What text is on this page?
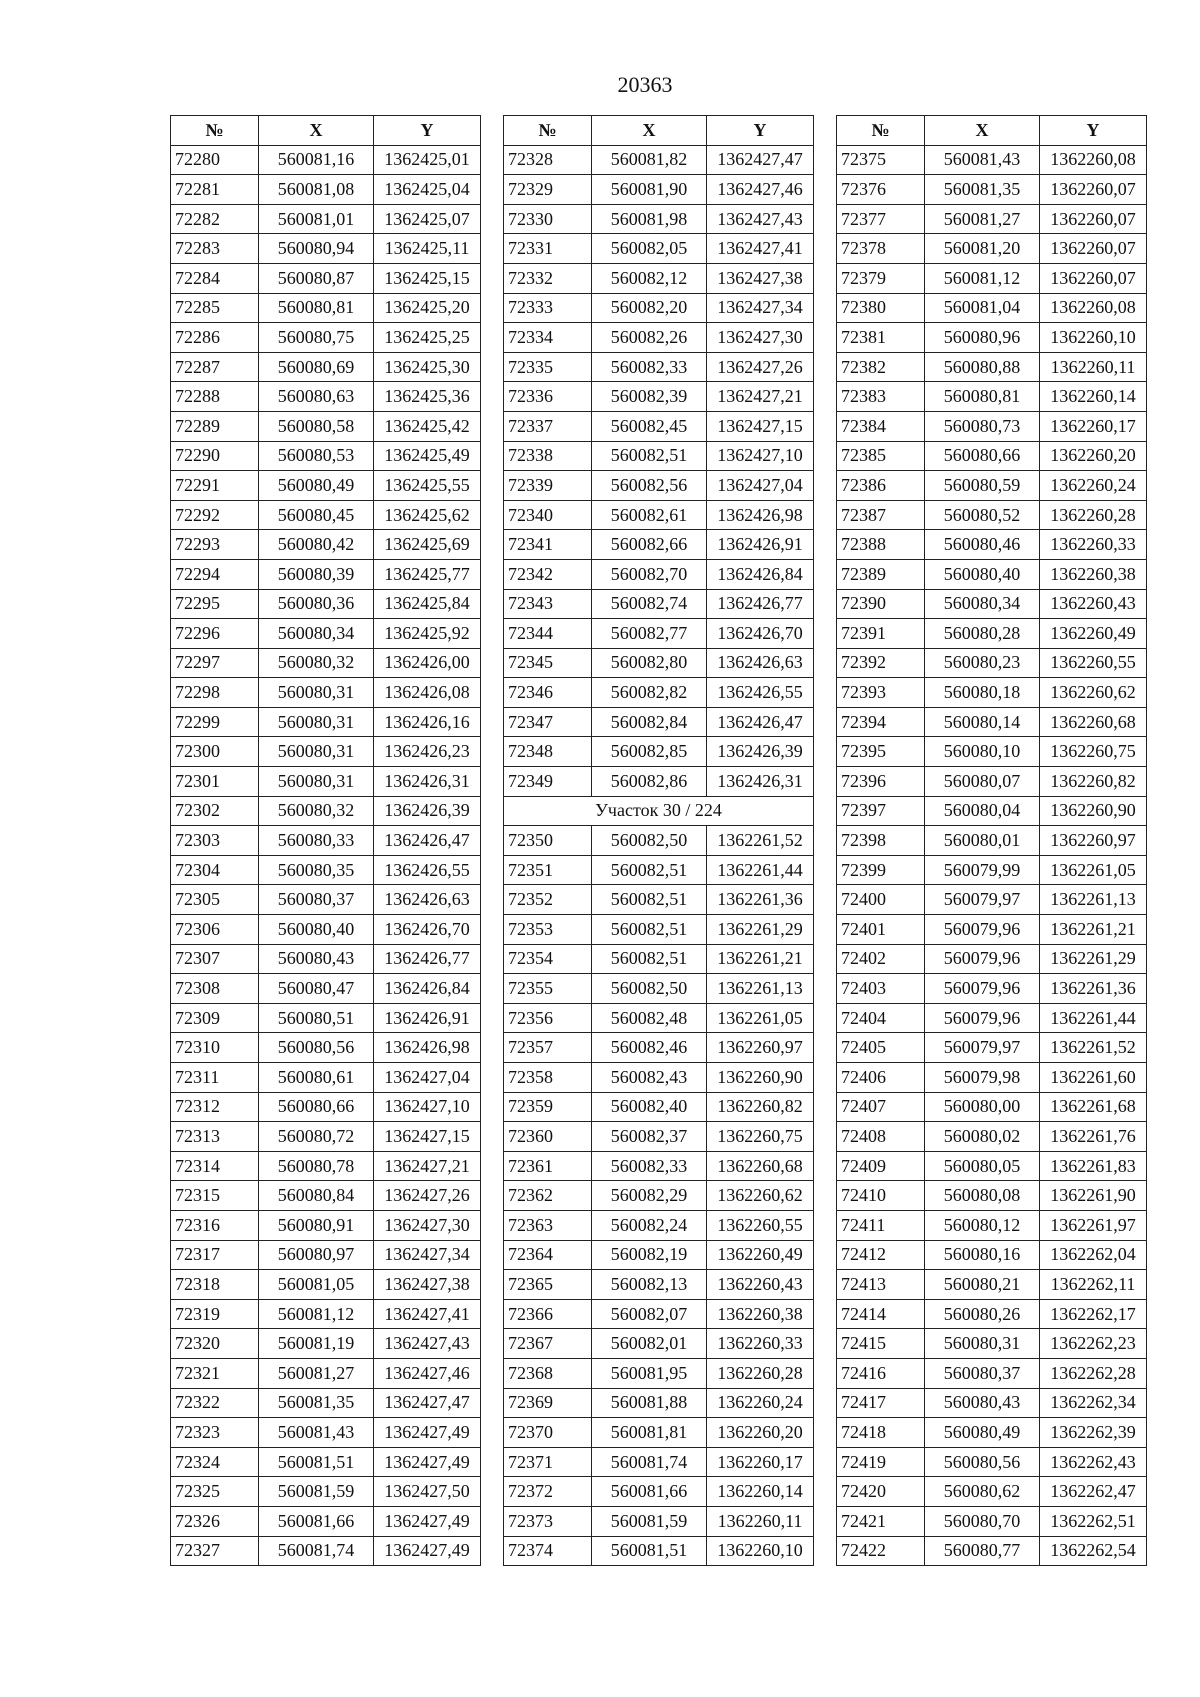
20363
№	X	Y
72280	560081,16	1362425,01
72281	560081,08	1362425,04
72282	560081,01	1362425,07
72283	560080,94	1362425,11
72284	560080,87	1362425,15
72285	560080,81	1362425,20
72286	560080,75	1362425,25
72287	560080,69	1362425,30
72288	560080,63	1362425,36
72289	560080,58	1362425,42
72290	560080,53	1362425,49
72291	560080,49	1362425,55
72292	560080,45	1362425,62
72293	560080,42	1362425,69
72294	560080,39	1362425,77
72295	560080,36	1362425,84
72296	560080,34	1362425,92
72297	560080,32	1362426,00
72298	560080,31	1362426,08
72299	560080,31	1362426,16
72300	560080,31	1362426,23
72301	560080,31	1362426,31
72302	560080,32	1362426,39
72303	560080,33	1362426,47
72304	560080,35	1362426,55
72305	560080,37	1362426,63
72306	560080,40	1362426,70
72307	560080,43	1362426,77
72308	560080,47	1362426,84
72309	560080,51	1362426,91
72310	560080,56	1362426,98
72311	560080,61	1362427,04
72312	560080,66	1362427,10
72313	560080,72	1362427,15
72314	560080,78	1362427,21
72315	560080,84	1362427,26
72316	560080,91	1362427,30
72317	560080,97	1362427,34
72318	560081,05	1362427,38
72319	560081,12	1362427,41
72320	560081,19	1362427,43
72321	560081,27	1362427,46
72322	560081,35	1362427,47
72323	560081,43	1362427,49
72324	560081,51	1362427,49
72325	560081,59	1362427,50
72326	560081,66	1362427,49
72327	560081,74	1362427,49
№	X	Y
72328	560081,82	1362427,47
72329	560081,90	1362427,46
72330	560081,98	1362427,43
72331	560082,05	1362427,41
72332	560082,12	1362427,38
72333	560082,20	1362427,34
72334	560082,26	1362427,30
72335	560082,33	1362427,26
72336	560082,39	1362427,21
72337	560082,45	1362427,15
72338	560082,51	1362427,10
72339	560082,56	1362427,04
72340	560082,61	1362426,98
72341	560082,66	1362426,91
72342	560082,70	1362426,84
72343	560082,74	1362426,77
72344	560082,77	1362426,70
72345	560082,80	1362426,63
72346	560082,82	1362426,55
72347	560082,84	1362426,47
72348	560082,85	1362426,39
72349	560082,86	1362426,31
Участок 30 / 224		
72350	560082,50	1362261,52
72351	560082,51	1362261,44
72352	560082,51	1362261,36
72353	560082,51	1362261,29
72354	560082,51	1362261,21
72355	560082,50	1362261,13
72356	560082,48	1362261,05
72357	560082,46	1362260,97
72358	560082,43	1362260,90
72359	560082,40	1362260,82
72360	560082,37	1362260,75
72361	560082,33	1362260,68
72362	560082,29	1362260,62
72363	560082,24	1362260,55
72364	560082,19	1362260,49
72365	560082,13	1362260,43
72366	560082,07	1362260,38
72367	560082,01	1362260,33
72368	560081,95	1362260,28
72369	560081,88	1362260,24
72370	560081,81	1362260,20
72371	560081,74	1362260,17
72372	560081,66	1362260,14
72373	560081,59	1362260,11
72374	560081,51	1362260,10
№	X	Y
72375	560081,43	1362260,08
72376	560081,35	1362260,07
72377	560081,27	1362260,07
72378	560081,20	1362260,07
72379	560081,12	1362260,07
72380	560081,04	1362260,08
72381	560080,96	1362260,10
72382	560080,88	1362260,11
72383	560080,81	1362260,14
72384	560080,73	1362260,17
72385	560080,66	1362260,20
72386	560080,59	1362260,24
72387	560080,52	1362260,28
72388	560080,46	1362260,33
72389	560080,40	1362260,38
72390	560080,34	1362260,43
72391	560080,28	1362260,49
72392	560080,23	1362260,55
72393	560080,18	1362260,62
72394	560080,14	1362260,68
72395	560080,10	1362260,75
72396	560080,07	1362260,82
72397	560080,04	1362260,90
72398	560080,01	1362260,97
72399	560079,99	1362261,05
72400	560079,97	1362261,13
72401	560079,96	1362261,21
72402	560079,96	1362261,29
72403	560079,96	1362261,36
72404	560079,96	1362261,44
72405	560079,97	1362261,52
72406	560079,98	1362261,60
72407	560080,00	1362261,68
72408	560080,02	1362261,76
72409	560080,05	1362261,83
72410	560080,08	1362261,90
72411	560080,12	1362261,97
72412	560080,16	1362262,04
72413	560080,21	1362262,11
72414	560080,26	1362262,17
72415	560080,31	1362262,23
72416	560080,37	1362262,28
72417	560080,43	1362262,34
72418	560080,49	1362262,39
72419	560080,56	1362262,43
72420	560080,62	1362262,47
72421	560080,70	1362262,51
72422	560080,77	1362262,54
